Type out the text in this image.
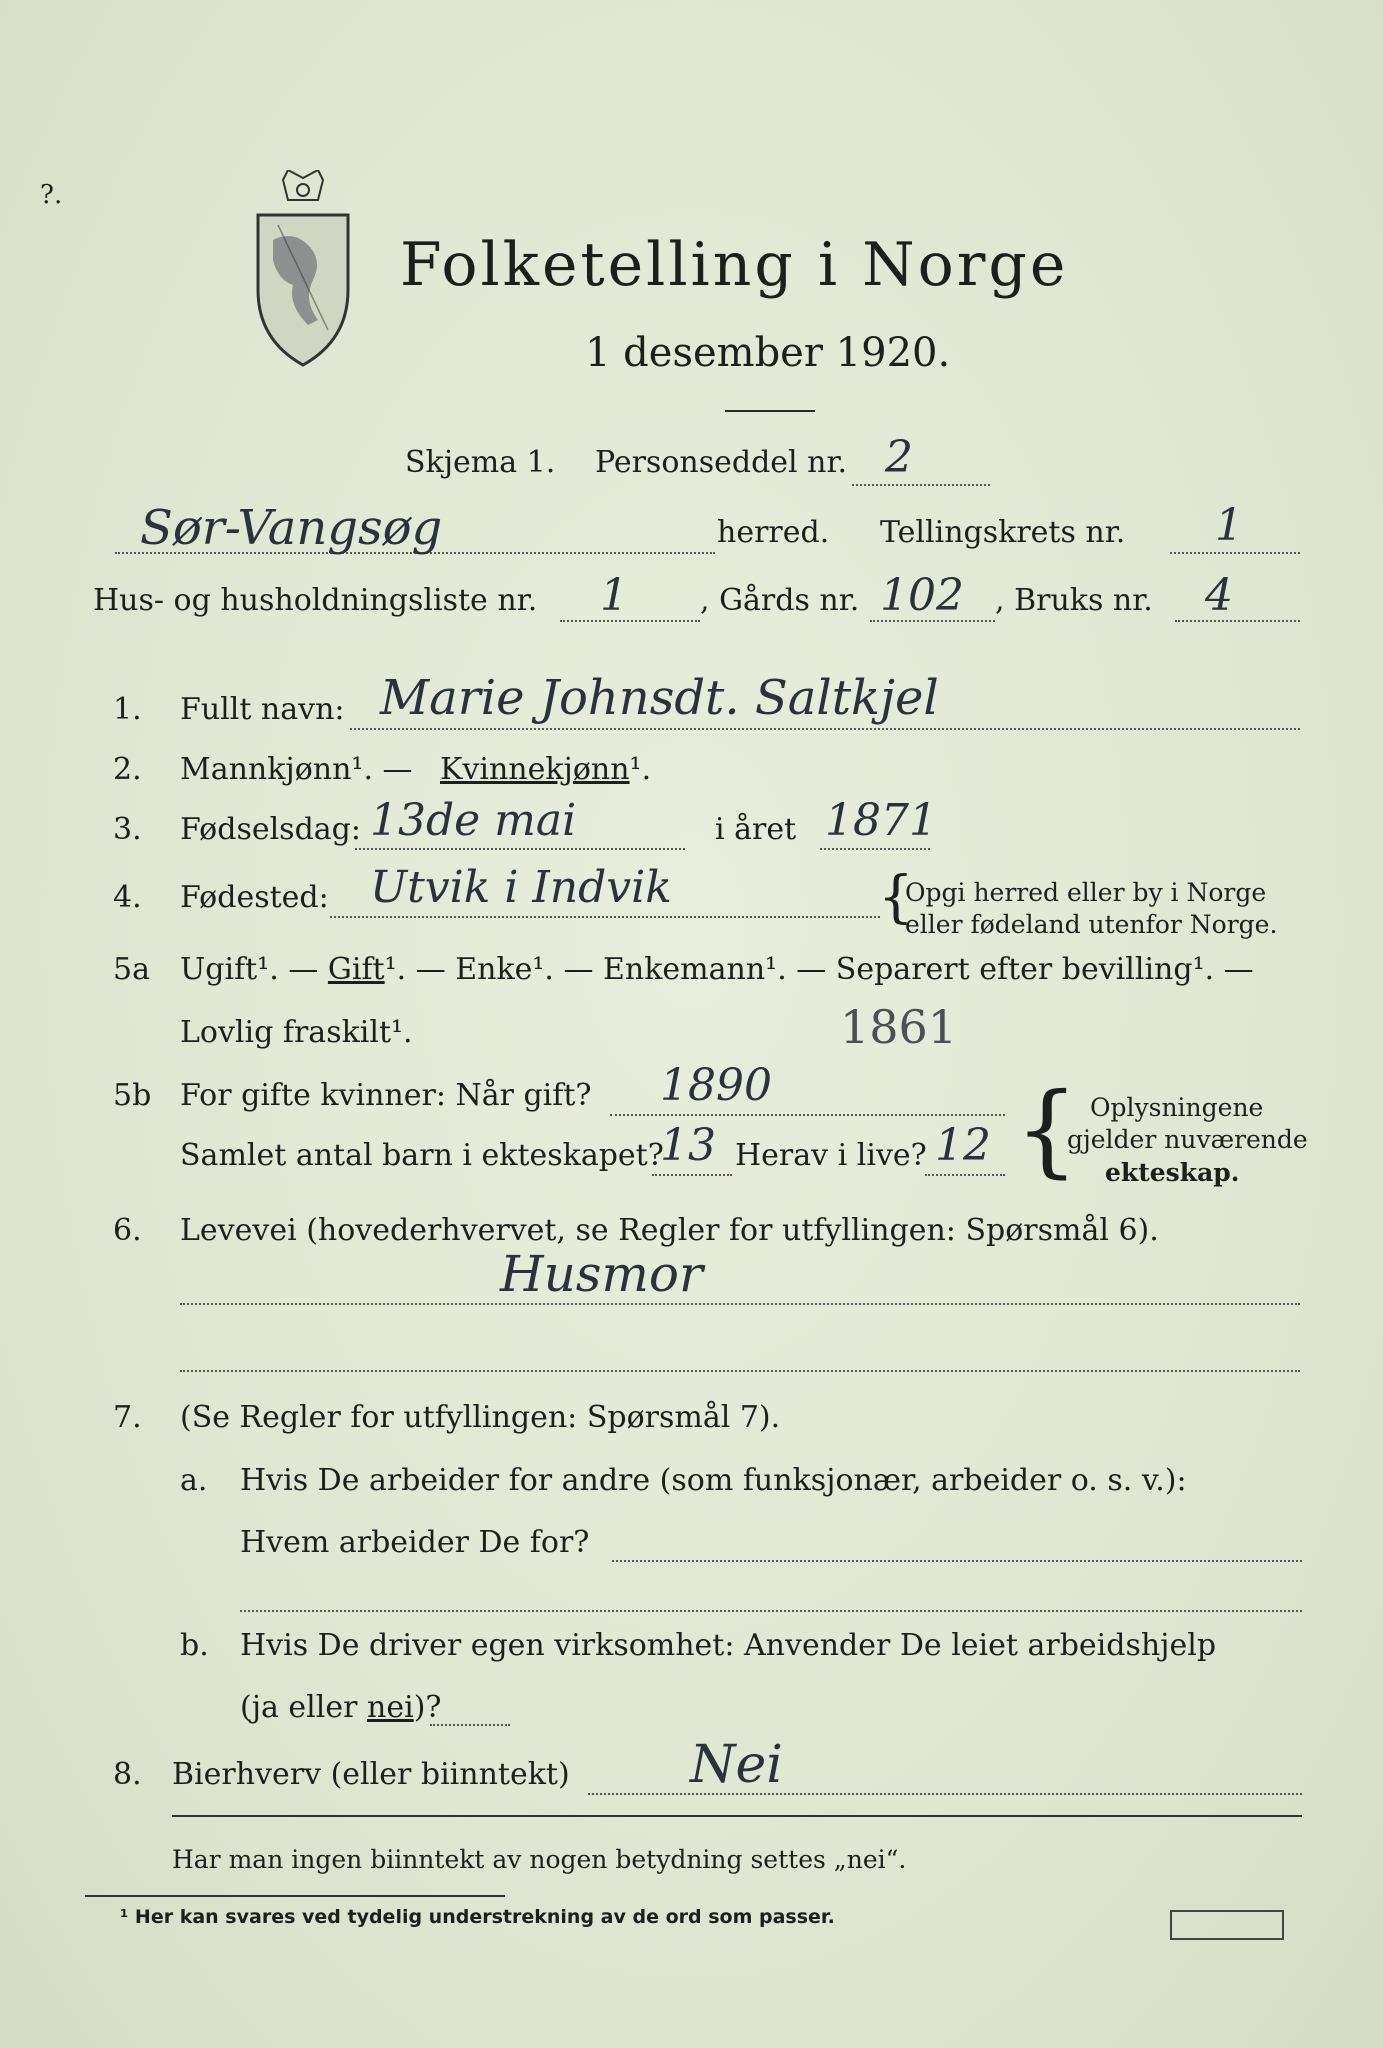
?.
Folketelling i Norge
1 desember 1920.
Skjema 1. Personseddel nr. 2
Sør-Vangsøg	herred. Tellingskrets nr. 1
Hus- og husholdningsliste nr. 1 , Gårds nr. 102 , Bruks nr. 4
1. Fullt navn: Marie Johnsdt. Saltkjel
2. Mannkjønn¹. — Kvinnekjønn¹.
3. Fødselsdag: 13de mai	i året 1871
4. Fødested: Utvik i Indvik	{
Opgi herred eller by i Norge
eller fødeland utenfor Norge.
5a Ugift¹. — Gift¹. — Enke¹. — Enkemann¹. — Separert efter bevilling¹. —
Lovlig fraskilt¹.	1861
5b For gifte kvinner: Når gift? 1890
Samlet antal barn i ekteskapet?
13 Herav i live? 12 { Oplysningene
gjelder nuværende
ekteskap.
6. Levevei (hovederhvervet, se Regler for utfyllingen: Spørsmål 6).
Husmor
7. (Se Regler for utfyllingen: Spørsmål 7).
a. Hvis De arbeider for andre (som funksjonær, arbeider o. s. v.):
Hvem arbeider De for?
b. Hvis De driver egen virksomhet: Anvender De leiet arbeidshjelp
(ja eller nei)?
8. Bierhverv (eller biinntekt) Nei
Har man ingen biinntekt av nogen betydning settes „nei“.
¹ Her kan svares ved tydelig understrekning av de ord som passer.
